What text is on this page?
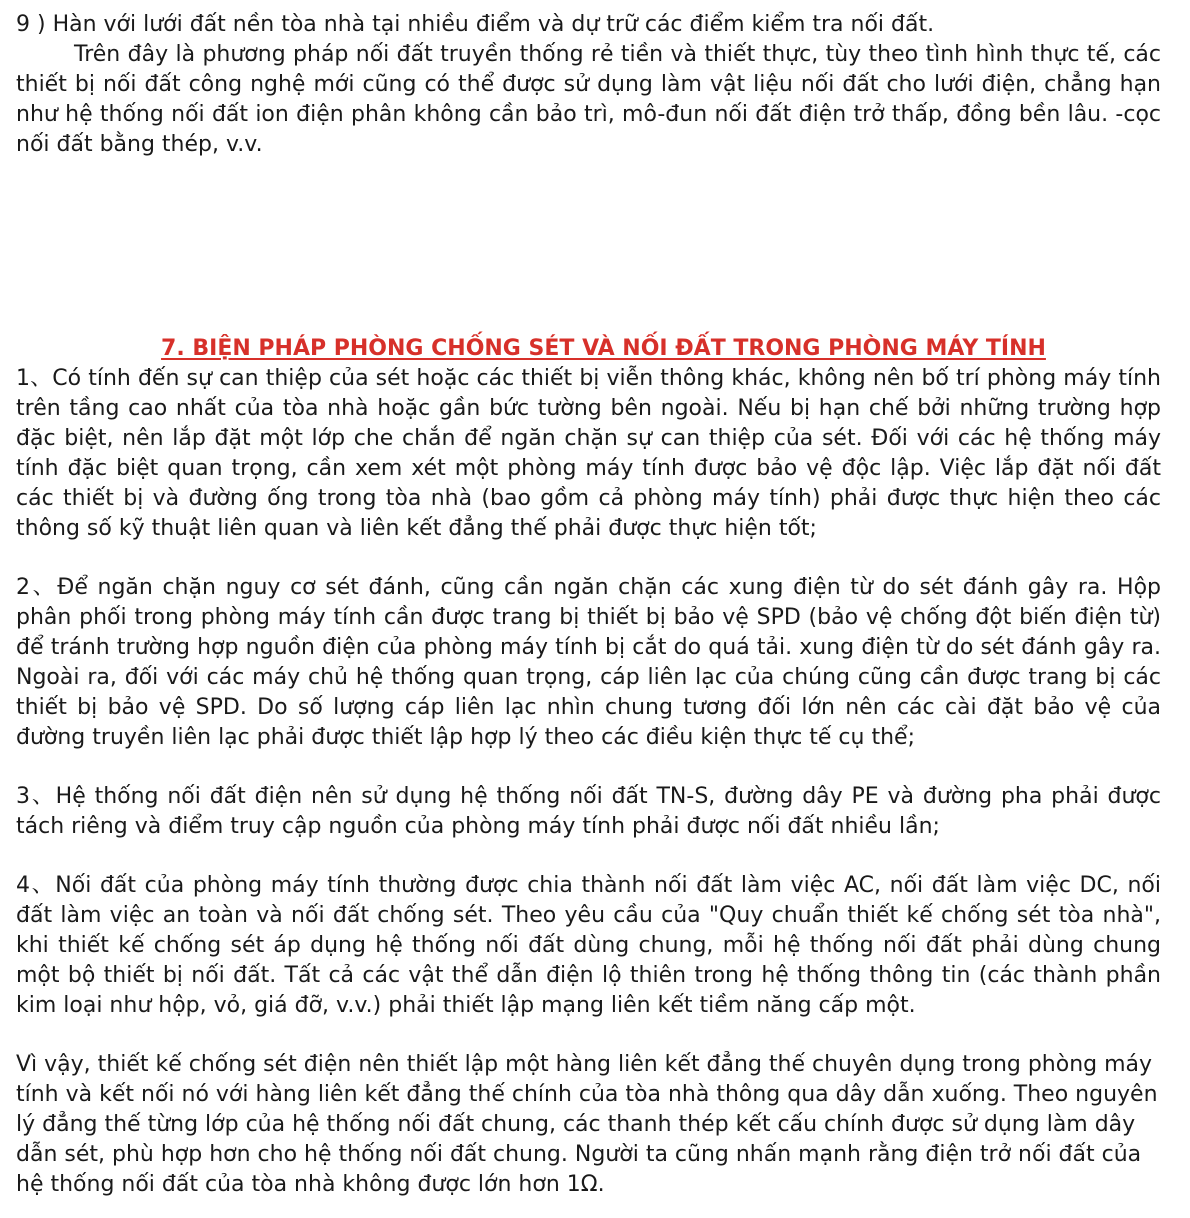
9 ) Hàn với lưới đất nền tòa nhà tại nhiều điểm và dự trữ các điểm kiểm tra nối đất.

Trên đây là phương pháp nối đất truyền thống rẻ tiền và thiết thực, tùy theo tình hình thực tế, các thiết bị nối đất công nghệ mới cũng có thể được sử dụng làm vật liệu nối đất cho lưới điện, chẳng hạn như hệ thống nối đất ion điện phân không cần bảo trì, mô-đun nối đất điện trở thấp, đồng bền lâu. -cọc nối đất bằng thép, v.v.

7. BIỆN PHÁP PHÒNG CHỐNG SÉT VÀ NỐI ĐẤT TRONG PHÒNG MÁY TÍNH

1、Có tính đến sự can thiệp của sét hoặc các thiết bị viễn thông khác, không nên bố trí phòng máy tính trên tầng cao nhất của tòa nhà hoặc gần bức tường bên ngoài. Nếu bị hạn chế bởi những trường hợp đặc biệt, nên lắp đặt một lớp che chắn để ngăn chặn sự can thiệp của sét. Đối với các hệ thống máy tính đặc biệt quan trọng, cần xem xét một phòng máy tính được bảo vệ độc lập. Việc lắp đặt nối đất các thiết bị và đường ống trong tòa nhà (bao gồm cả phòng máy tính) phải được thực hiện theo các thông số kỹ thuật liên quan và liên kết đẳng thế phải được thực hiện tốt;

2、Để ngăn chặn nguy cơ sét đánh, cũng cần ngăn chặn các xung điện từ do sét đánh gây ra. Hộp phân phối trong phòng máy tính cần được trang bị thiết bị bảo vệ SPD (bảo vệ chống đột biến điện từ) để tránh trường hợp nguồn điện của phòng máy tính bị cắt do quá tải. xung điện từ do sét đánh gây ra. Ngoài ra, đối với các máy chủ hệ thống quan trọng, cáp liên lạc của chúng cũng cần được trang bị các thiết bị bảo vệ SPD. Do số lượng cáp liên lạc nhìn chung tương đối lớn nên các cài đặt bảo vệ của đường truyền liên lạc phải được thiết lập hợp lý theo các điều kiện thực tế cụ thể;

3、Hệ thống nối đất điện nên sử dụng hệ thống nối đất TN-S, đường dây PE và đường pha phải được tách riêng và điểm truy cập nguồn của phòng máy tính phải được nối đất nhiều lần;

4、Nối đất của phòng máy tính thường được chia thành nối đất làm việc AC, nối đất làm việc DC, nối đất làm việc an toàn và nối đất chống sét. Theo yêu cầu của "Quy chuẩn thiết kế chống sét tòa nhà", khi thiết kế chống sét áp dụng hệ thống nối đất dùng chung, mỗi hệ thống nối đất phải dùng chung một bộ thiết bị nối đất. Tất cả các vật thể dẫn điện lộ thiên trong hệ thống thông tin (các thành phần kim loại như hộp, vỏ, giá đỡ, v.v.) phải thiết lập mạng liên kết tiềm năng cấp một.

Vì vậy, thiết kế chống sét điện nên thiết lập một hàng liên kết đẳng thế chuyên dụng trong phòng máy tính và kết nối nó với hàng liên kết đẳng thế chính của tòa nhà thông qua dây dẫn xuống. Theo nguyên lý đẳng thế từng lớp của hệ thống nối đất chung, các thanh thép kết cấu chính được sử dụng làm dây dẫn sét, phù hợp hơn cho hệ thống nối đất chung. Người ta cũng nhấn mạnh rằng điện trở nối đất của hệ thống nối đất của tòa nhà không được lớn hơn 1Ω.
